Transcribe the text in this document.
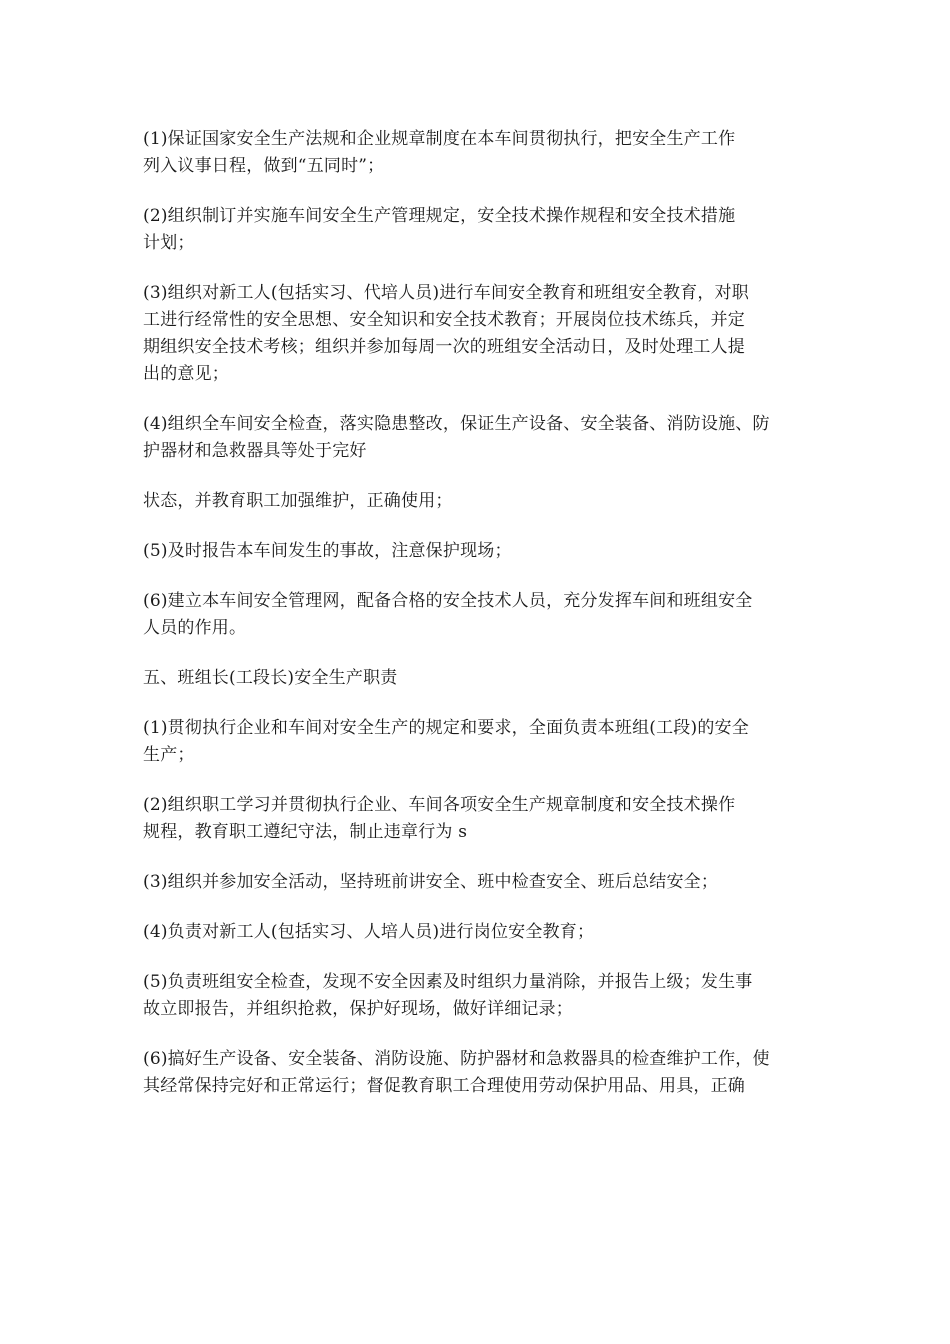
(1)保证国家安全生产法规和企业规章制度在本车间贯彻执行，把安全生产工作
列入议事日程，做到“五同时”；

(2)组织制订并实施车间安全生产管理规定，安全技术操作规程和安全技术措施
计划；

(3)组织对新工人(包括实习、代培人员)进行车间安全教育和班组安全教育，对职
工进行经常性的安全思想、安全知识和安全技术教育；开展岗位技术练兵，并定
期组织安全技术考核；组织并参加每周一次的班组安全活动日，及时处理工人提
出的意见；

(4)组织全车间安全检查，落实隐患整改，保证生产设备、安全装备、消防设施、防
护器材和急救器具等处于完好

状态，并教育职工加强维护，正确使用；

(5)及时报告本车间发生的事故，注意保护现场；

(6)建立本车间安全管理网，配备合格的安全技术人员，充分发挥车间和班组安全
人员的作用。

五、班组长(工段长)安全生产职责

(1)贯彻执行企业和车间对安全生产的规定和要求，全面负责本班组(工段)的安全
生产；

(2)组织职工学习并贯彻执行企业、车间各项安全生产规章制度和安全技术操作
规程，教育职工遵纪守法，制止违章行为 s

(3)组织并参加安全活动，坚持班前讲安全、班中检查安全、班后总结安全；

(4)负责对新工人(包括实习、人培人员)进行岗位安全教育；

(5)负责班组安全检查，发现不安全因素及时组织力量消除，并报告上级；发生事
故立即报告，并组织抢救，保护好现场，做好详细记录；

(6)搞好生产设备、安全装备、消防设施、防护器材和急救器具的检查维护工作，使
其经常保持完好和正常运行；督促教育职工合理使用劳动保护用品、用具，正确
